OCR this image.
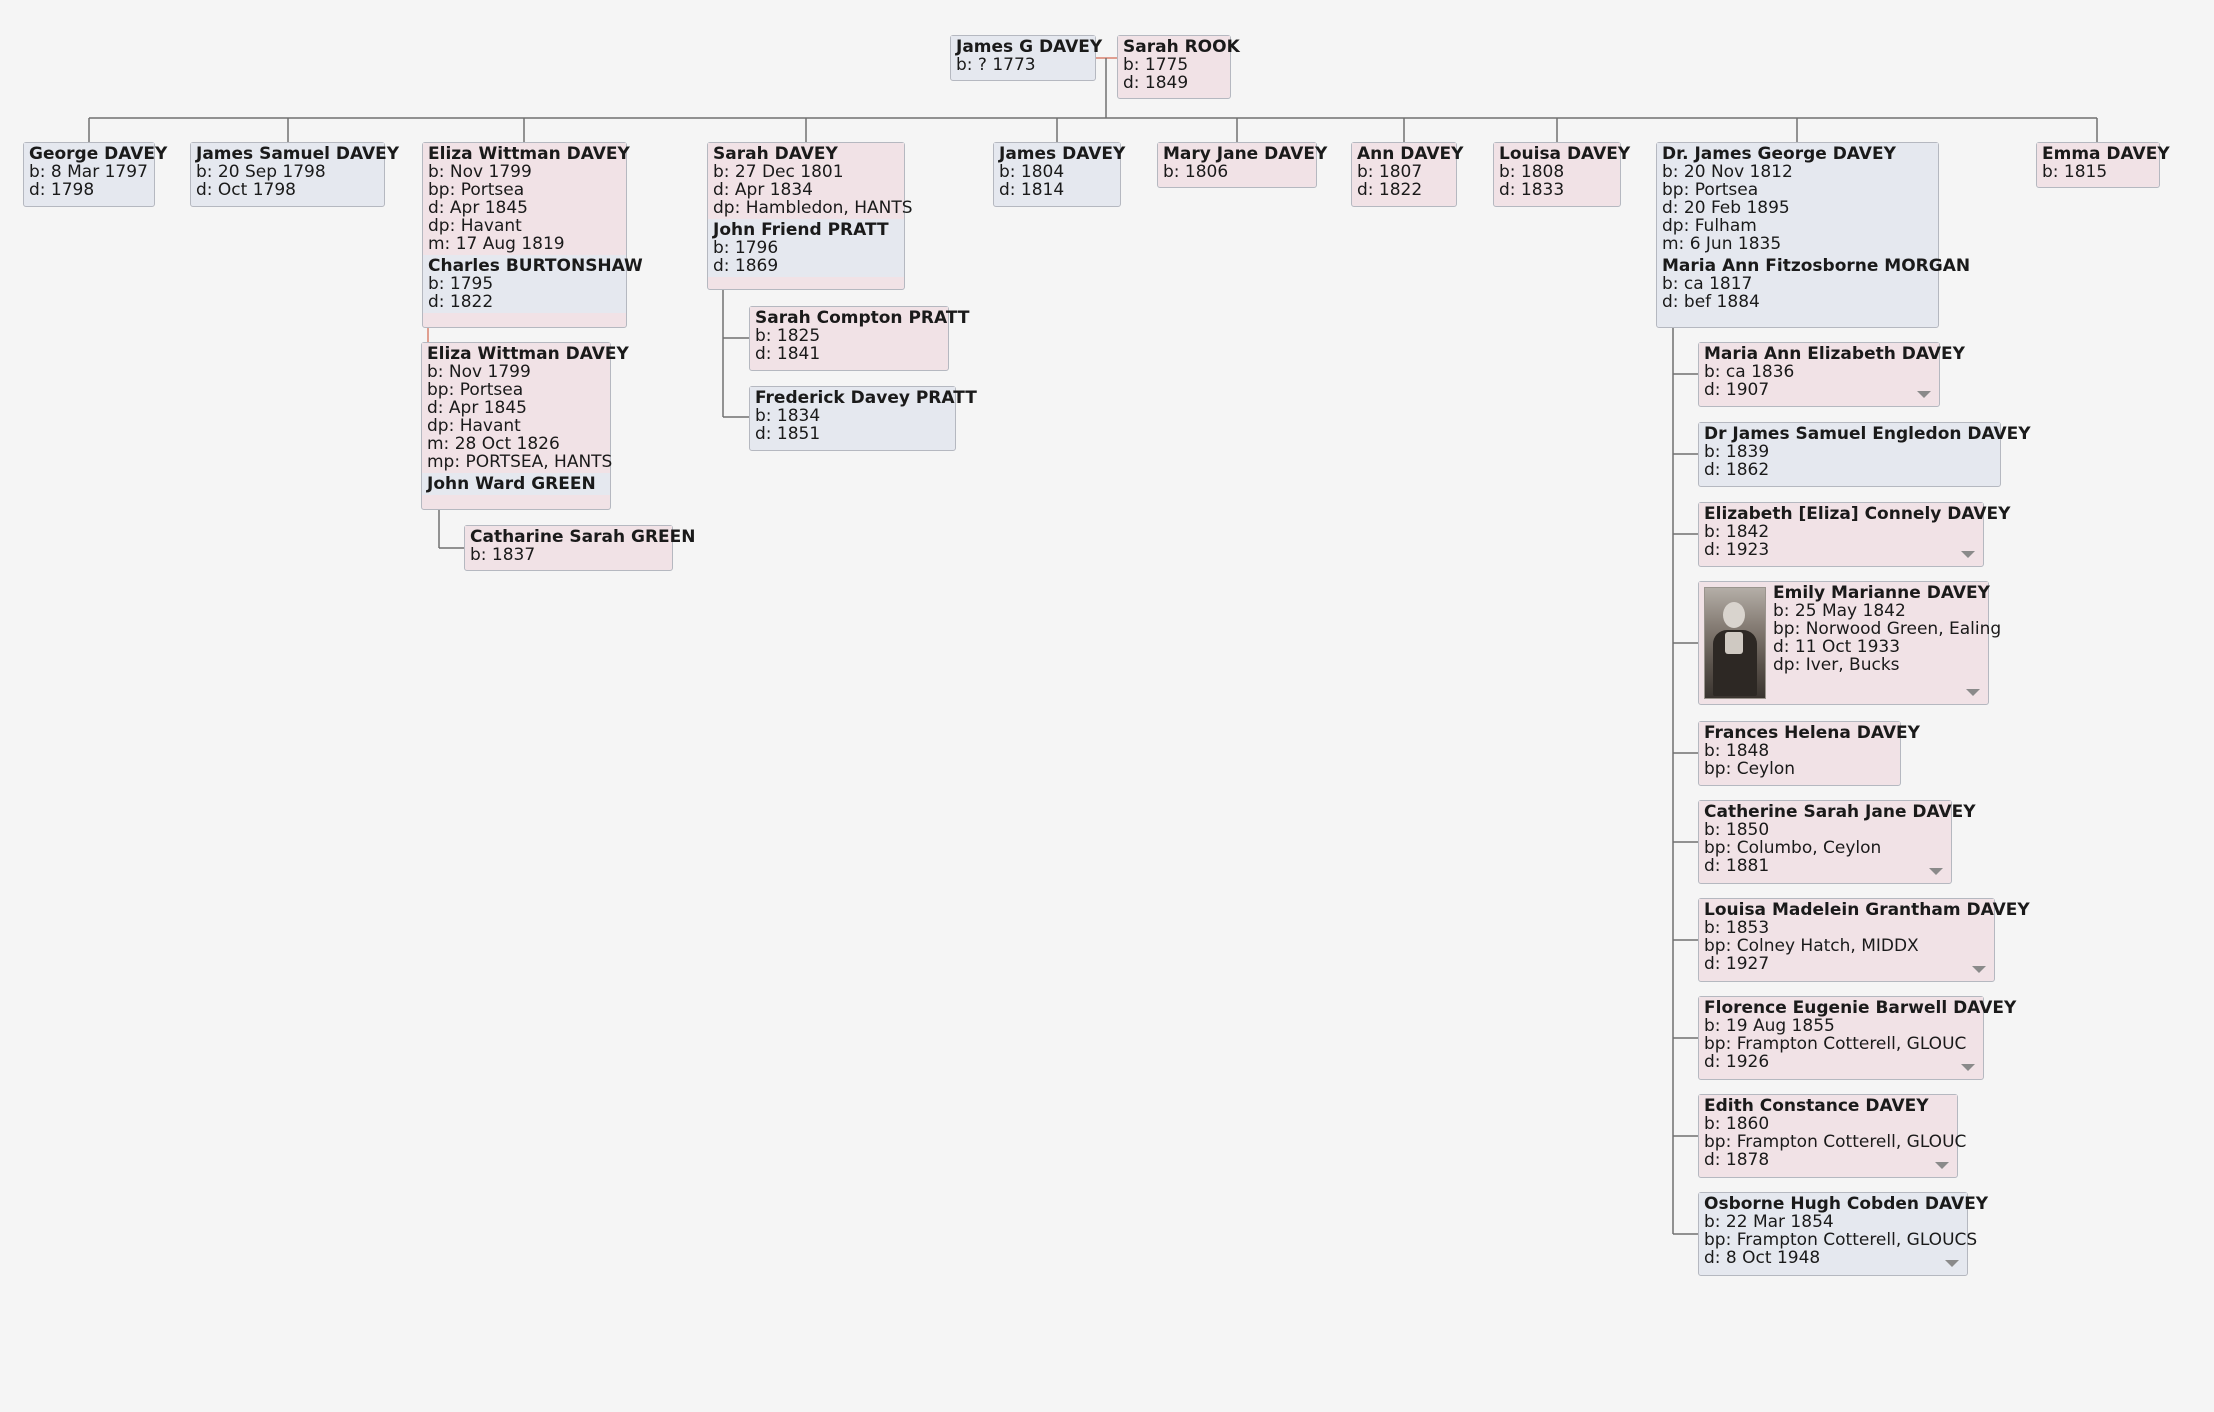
James G DAVEY
b: ? 1773
Sarah ROOK
b: 1775
d: 1849
George DAVEY
b: 8 Mar 1797
d: 1798
James Samuel DAVEY
b: 20 Sep 1798
d: Oct 1798
Eliza Wittman DAVEY
b: Nov 1799
bp: Portsea
d: Apr 1845
dp: Havant
m: 17 Aug 1819
Charles BURTONSHAW
b: 1795
d: 1822
Eliza Wittman DAVEY
b: Nov 1799
bp: Portsea
d: Apr 1845
dp: Havant
m: 28 Oct 1826
mp: PORTSEA, HANTS
John Ward GREEN
Catharine Sarah GREEN
b: 1837
Sarah DAVEY
b: 27 Dec 1801
d: Apr 1834
dp: Hambledon, HANTS
John Friend PRATT
b: 1796
d: 1869
Sarah Compton PRATT
b: 1825
d: 1841
Frederick Davey PRATT
b: 1834
d: 1851
James DAVEY
b: 1804
d: 1814
Mary Jane DAVEY
b: 1806
Ann DAVEY
b: 1807
d: 1822
Louisa DAVEY
b: 1808
d: 1833
Dr. James George DAVEY
b: 20 Nov 1812
bp: Portsea
d: 20 Feb 1895
dp: Fulham
m: 6 Jun 1835
Maria Ann Fitzosborne MORGAN
b: ca 1817
d: bef 1884
Emma DAVEY
b: 1815
Maria Ann Elizabeth DAVEY
b: ca 1836
d: 1907
Dr James Samuel Engledon DAVEY
b: 1839
d: 1862
Elizabeth [Eliza] Connely DAVEY
b: 1842
d: 1923
Emily Marianne DAVEY
b: 25 May 1842
bp: Norwood Green, Ealing
d: 11 Oct 1933
dp: Iver, Bucks
Frances Helena DAVEY
b: 1848
bp: Ceylon
Catherine Sarah Jane DAVEY
b: 1850
bp: Columbo, Ceylon
d: 1881
Louisa Madelein Grantham DAVEY
b: 1853
bp: Colney Hatch, MIDDX
d: 1927
Florence Eugenie Barwell DAVEY
b: 19 Aug 1855
bp: Frampton Cotterell, GLOUC
d: 1926
Edith Constance DAVEY
b: 1860
bp: Frampton Cotterell, GLOUC
d: 1878
Osborne Hugh Cobden DAVEY
b: 22 Mar 1854
bp: Frampton Cotterell, GLOUCS
d: 8 Oct 1948
